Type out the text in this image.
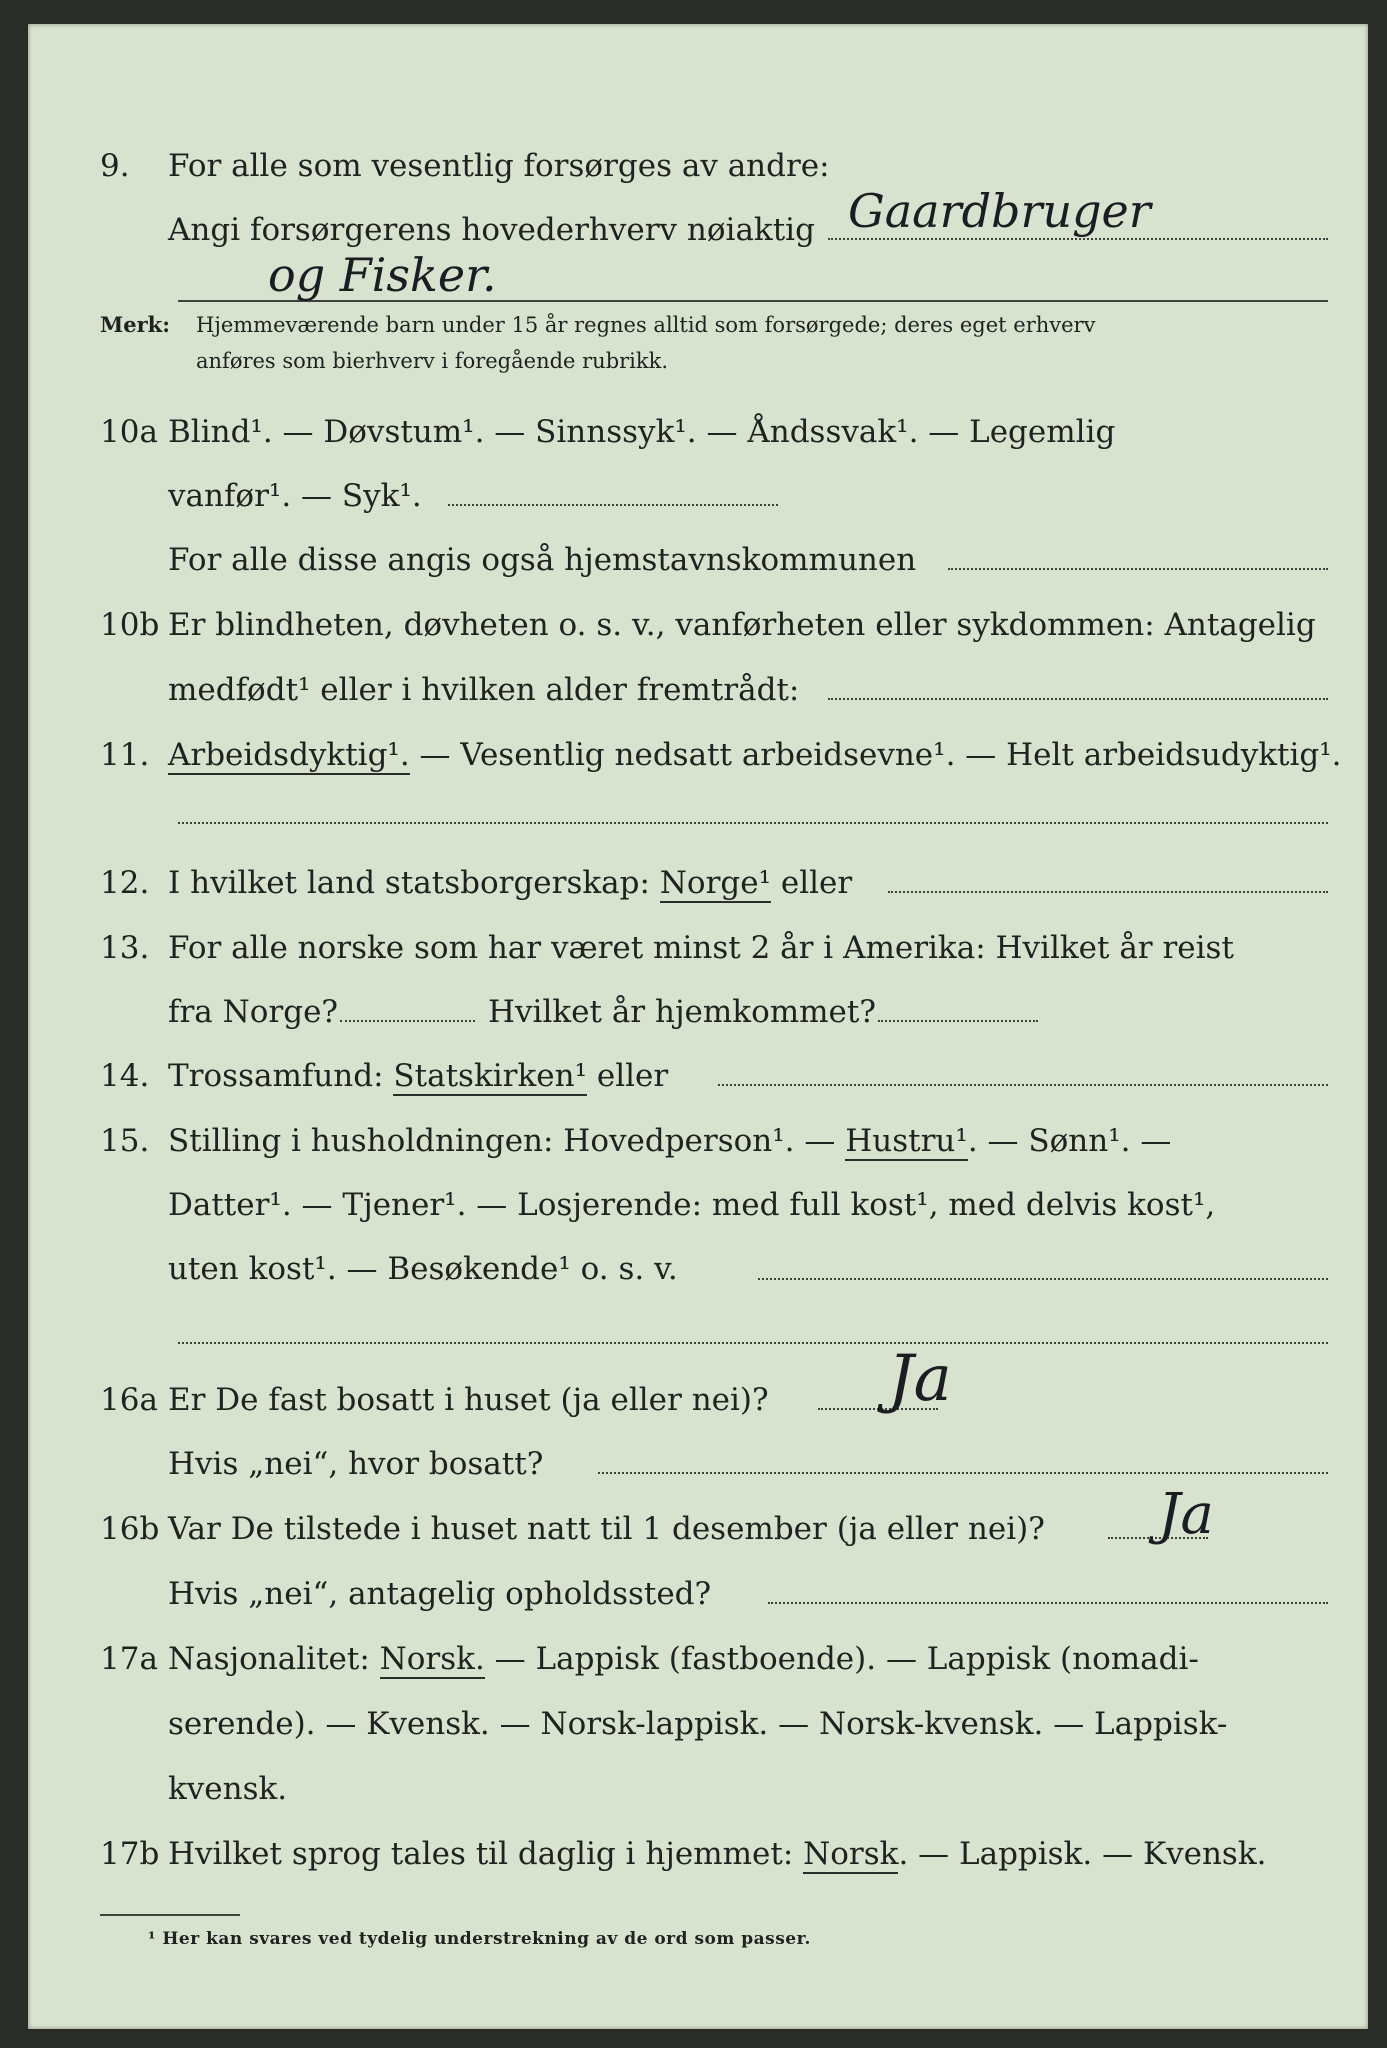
9. For alle som vesentlig forsørges av andre:
Angi forsørgerens hovederhverv nøiaktig Gaardbruger
og Fisker.
Merk: Hjemmeværende barn under 15 år regnes alltid som forsørgede; deres eget erhverv
anføres som bierhverv i foregående rubrikk.
10a Blind¹. — Døvstum¹. — Sinnssyk¹. — Åndssvak¹. — Legemlig
vanfør¹. — Syk¹.
For alle disse angis også hjemstavnskommunen
10b Er blindheten, døvheten o. s. v., vanførheten eller sykdommen: Antagelig
medfødt¹ eller i hvilken alder fremtrådt:
11. Arbeidsdyktig¹. — Vesentlig nedsatt arbeidsevne¹. — Helt arbeidsudyktig¹.
12. I hvilket land statsborgerskap: Norge¹ eller
13. For alle norske som har været minst 2 år i Amerika: Hvilket år reist
fra Norge?	Hvilket år hjemkommet?
14. Trossamfund: Statskirken¹ eller
15. Stilling i husholdningen: Hovedperson¹. — Hustru¹. — Sønn¹. —
Datter¹. — Tjener¹. — Losjerende: med full kost¹, med delvis kost¹,
uten kost¹. — Besøkende¹ o. s. v.
16a Er De fast bosatt i huset (ja eller nei)? Ja
Hvis „nei“, hvor bosatt?
16b Var De tilstede i huset natt til 1 desember (ja eller nei)? Ja
Hvis „nei“, antagelig opholdssted?
17a Nasjonalitet: Norsk. — Lappisk (fastboende). — Lappisk (nomadi-
serende). — Kvensk. — Norsk-lappisk. — Norsk-kvensk. — Lappisk-
kvensk.
17b Hvilket sprog tales til daglig i hjemmet: Norsk. — Lappisk. — Kvensk.
¹ Her kan svares ved tydelig understrekning av de ord som passer.
